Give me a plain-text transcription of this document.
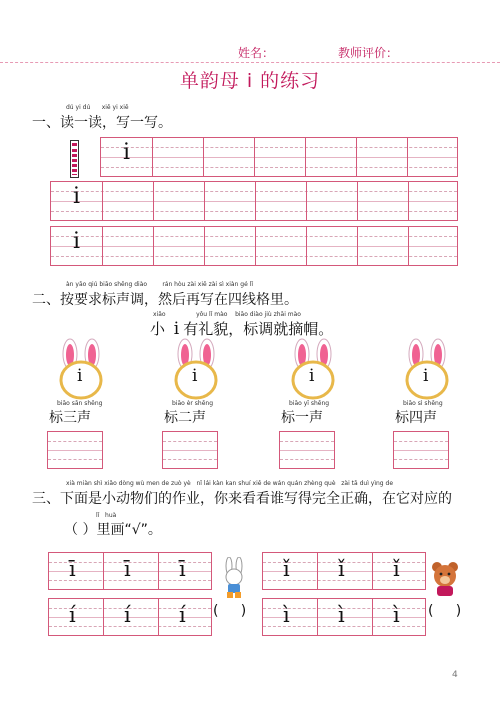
姓名：	教师评价：
单韵母 i 的练习
dú yi dú      xiě yi xiě
一、读一读，写一写。
i
i
i
àn yāo qiú biāo shēng diào        rán hòu zài xiě zài sì xiàn gé lǐ
二、按要求标声调，然后再写在四线格里。
xiǎo                yǒu lǐ mào    biāo diào jiù zhāi mào
小 i 有礼貌，标调就摘帽。
i
biāo sān shēng
标三声
i
biāo èr shēng
标二声
i
biāo yī shēng
标一声
i
biāo sì shēng
标四声
xià miàn shì xiǎo dòng wù men de zuò yè   nǐ lái kàn kan shuí xiě de wán quán zhèng què   zài tā duì yìng de
三、下面是小动物们的作业，你来看看谁写得完全正确，在它对应的
lǐ   huà
（ ）里画“√”。
ī ī ī
í í í (     )
ǐ ǐ ǐ
ì ì ì (     )
4
